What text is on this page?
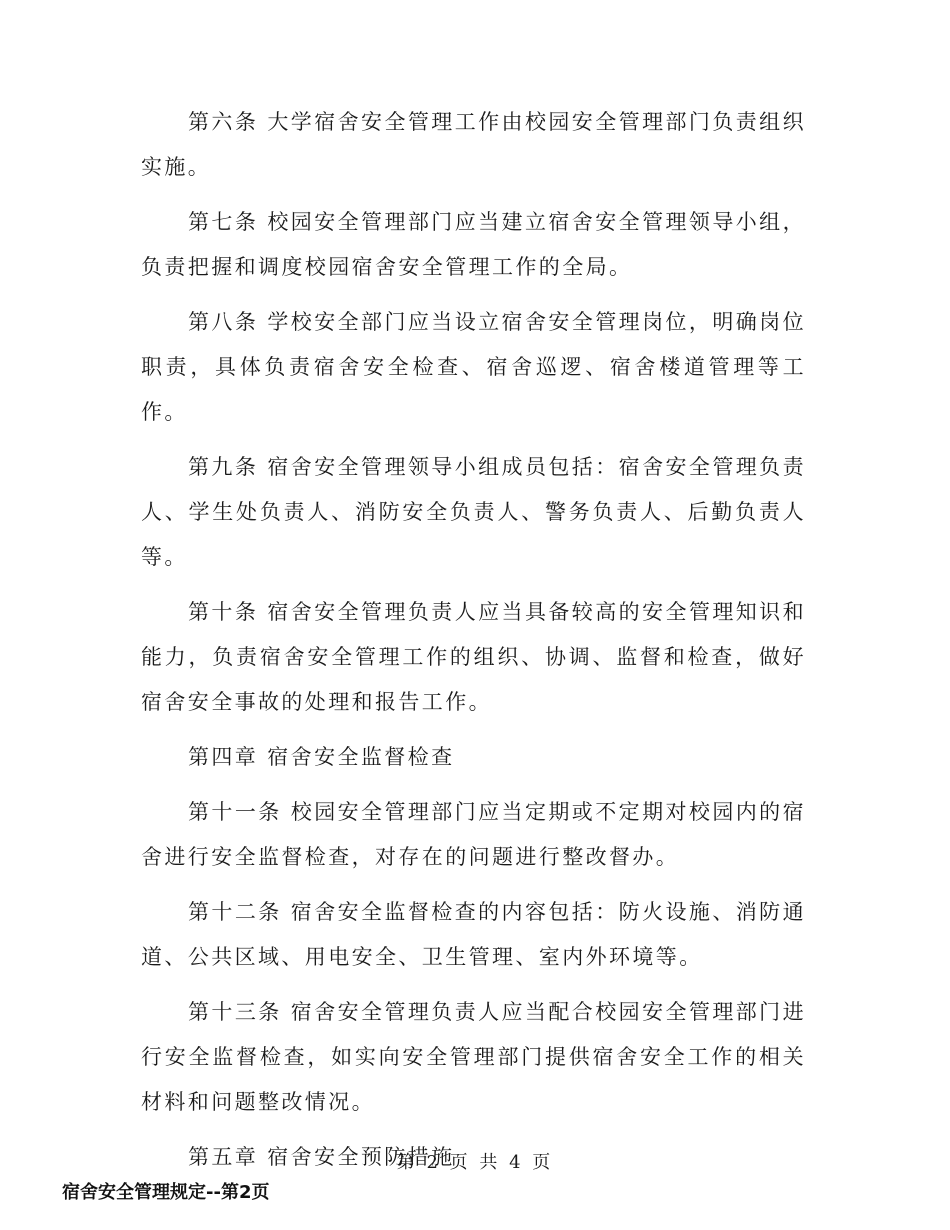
第六条 大学宿舍安全管理工作由校园安全管理部门负责组织实施。

第七条 校园安全管理部门应当建立宿舍安全管理领导小组，负责把握和调度校园宿舍安全管理工作的全局。

第八条 学校安全部门应当设立宿舍安全管理岗位，明确岗位职责，具体负责宿舍安全检查、宿舍巡逻、宿舍楼道管理等工作。

第九条 宿舍安全管理领导小组成员包括：宿舍安全管理负责人、学生处负责人、消防安全负责人、警务负责人、后勤负责人等。

第十条 宿舍安全管理负责人应当具备较高的安全管理知识和能力，负责宿舍安全管理工作的组织、协调、监督和检查，做好宿舍安全事故的处理和报告工作。

第四章 宿舍安全监督检查

第十一条 校园安全管理部门应当定期或不定期对校园内的宿舍进行安全监督检查，对存在的问题进行整改督办。

第十二条 宿舍安全监督检查的内容包括：防火设施、消防通道、公共区域、用电安全、卫生管理、室内外环境等。

第十三条 宿舍安全管理负责人应当配合校园安全管理部门进行安全监督检查，如实向安全管理部门提供宿舍安全工作的相关材料和问题整改情况。

第五章 宿舍安全预防措施

第 2 页 共 4 页
宿舍安全管理规定--第2页
